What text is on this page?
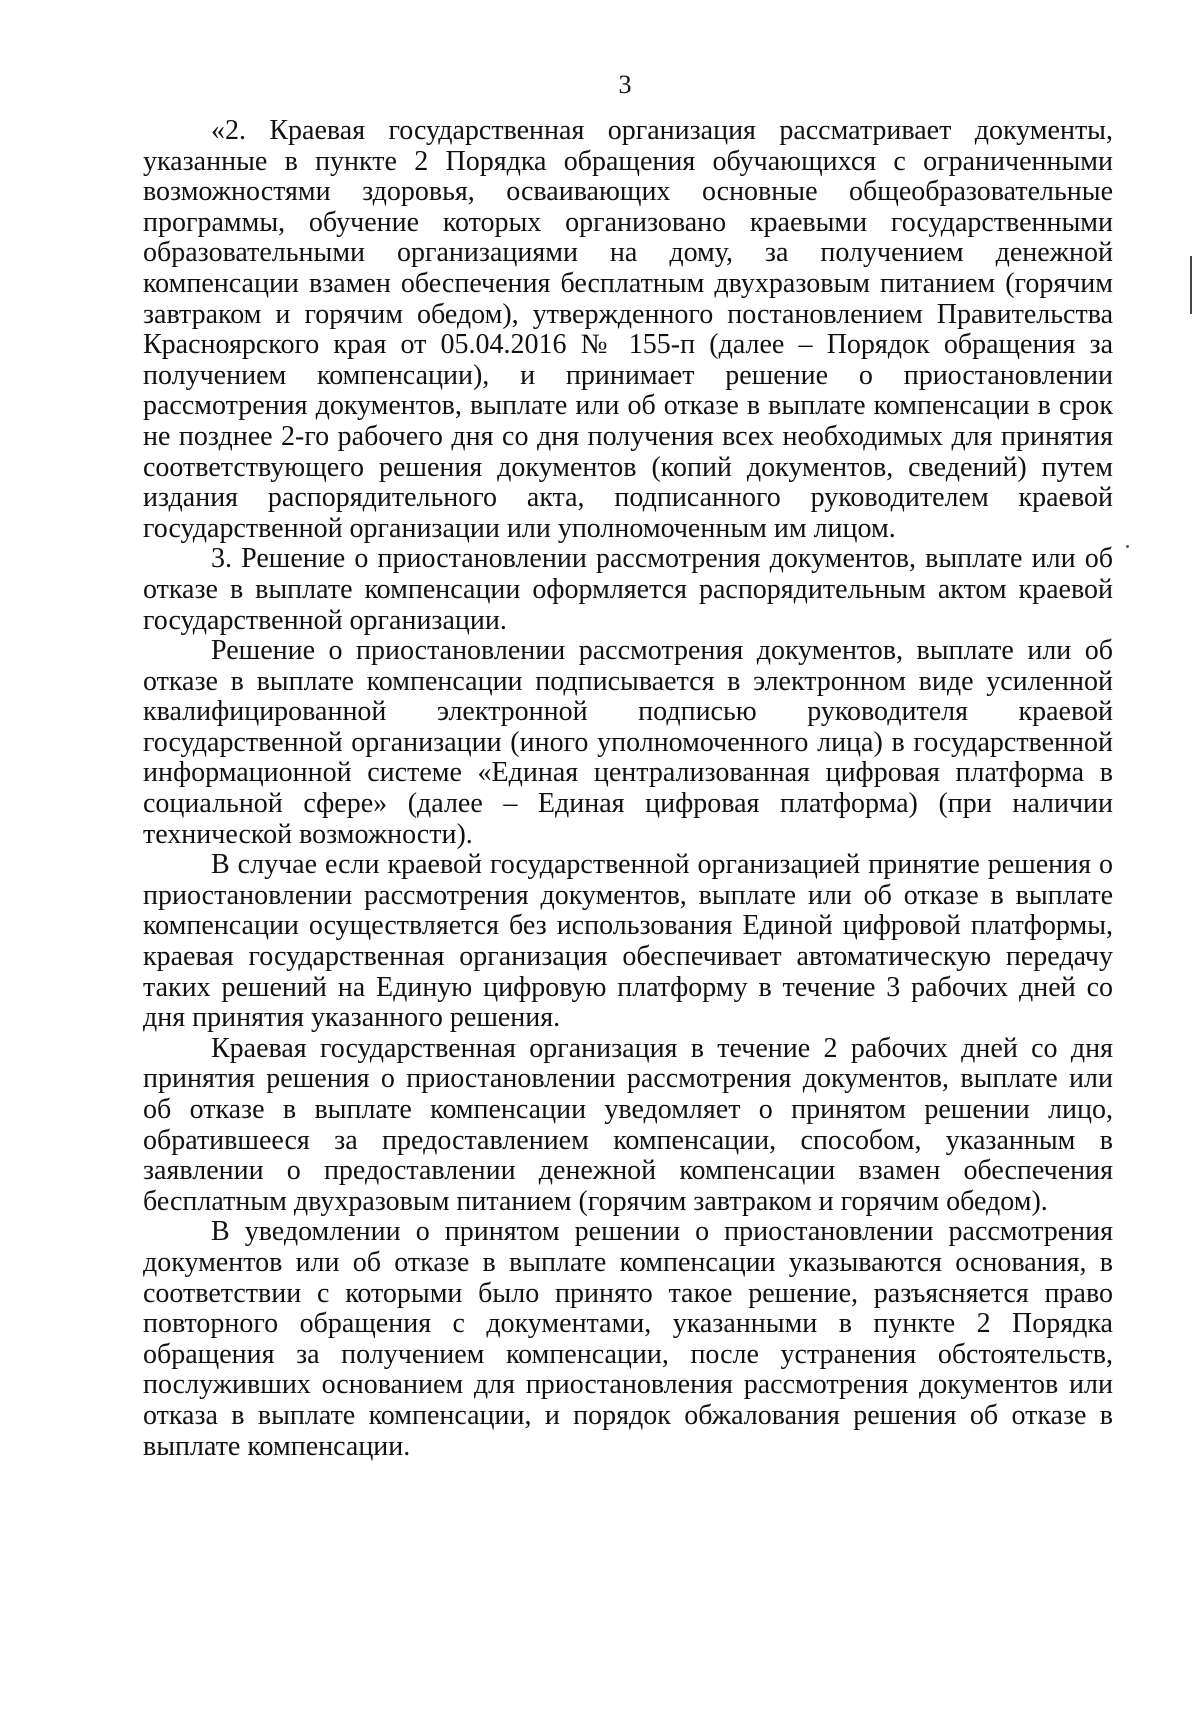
3

«2. Краевая государственная организация рассматривает документы, указанные в пункте 2 Порядка обращения обучающихся с ограниченными возможностями здоровья, осваивающих основные общеобразовательные программы, обучение которых организовано краевыми государственными образовательными организациями на дому, за получением денежной компенсации взамен обеспечения бесплатным двухразовым питанием (горячим завтраком и горячим обедом), утвержденного постановлением Правительства Красноярского края от 05.04.2016 № 155-п (далее – Порядок обращения за получением компенсации), и принимает решение о приостановлении рассмотрения документов, выплате или об отказе в выплате компенсации в срок не позднее 2-го рабочего дня со дня получения всех необходимых для принятия соответствующего решения документов (копий документов, сведений) путем издания распорядительного акта, подписанного руководителем краевой государственной организации или уполномоченным им лицом.

3. Решение о приостановлении рассмотрения документов, выплате или об отказе в выплате компенсации оформляется распорядительным актом краевой государственной организации.

Решение о приостановлении рассмотрения документов, выплате или об отказе в выплате компенсации подписывается в электронном виде усиленной квалифицированной электронной подписью руководителя краевой государственной организации (иного уполномоченного лица) в государственной информационной системе «Единая централизованная цифровая платформа в социальной сфере» (далее – Единая цифровая платформа) (при наличии технической возможности).

В случае если краевой государственной организацией принятие решения о приостановлении рассмотрения документов, выплате или об отказе в выплате компенсации осуществляется без использования Единой цифровой платформы, краевая государственная организация обеспечивает автоматическую передачу таких решений на Единую цифровую платформу в течение 3 рабочих дней со дня принятия указанного решения.

Краевая государственная организация в течение 2 рабочих дней со дня принятия решения о приостановлении рассмотрения документов, выплате или об отказе в выплате компенсации уведомляет о принятом решении лицо, обратившееся за предоставлением компенсации, способом, указанным в заявлении о предоставлении денежной компенсации взамен обеспечения бесплатным двухразовым питанием (горячим завтраком и горячим обедом).

В уведомлении о принятом решении о приостановлении рассмотрения документов или об отказе в выплате компенсации указываются основания, в соответствии с которыми было принято такое решение, разъясняется право повторного обращения с документами, указанными в пункте 2 Порядка обращения за получением компенсации, после устранения обстоятельств, послуживших основанием для приостановления рассмотрения документов или отказа в выплате компенсации, и порядок обжалования решения об отказе в выплате компенсации.
